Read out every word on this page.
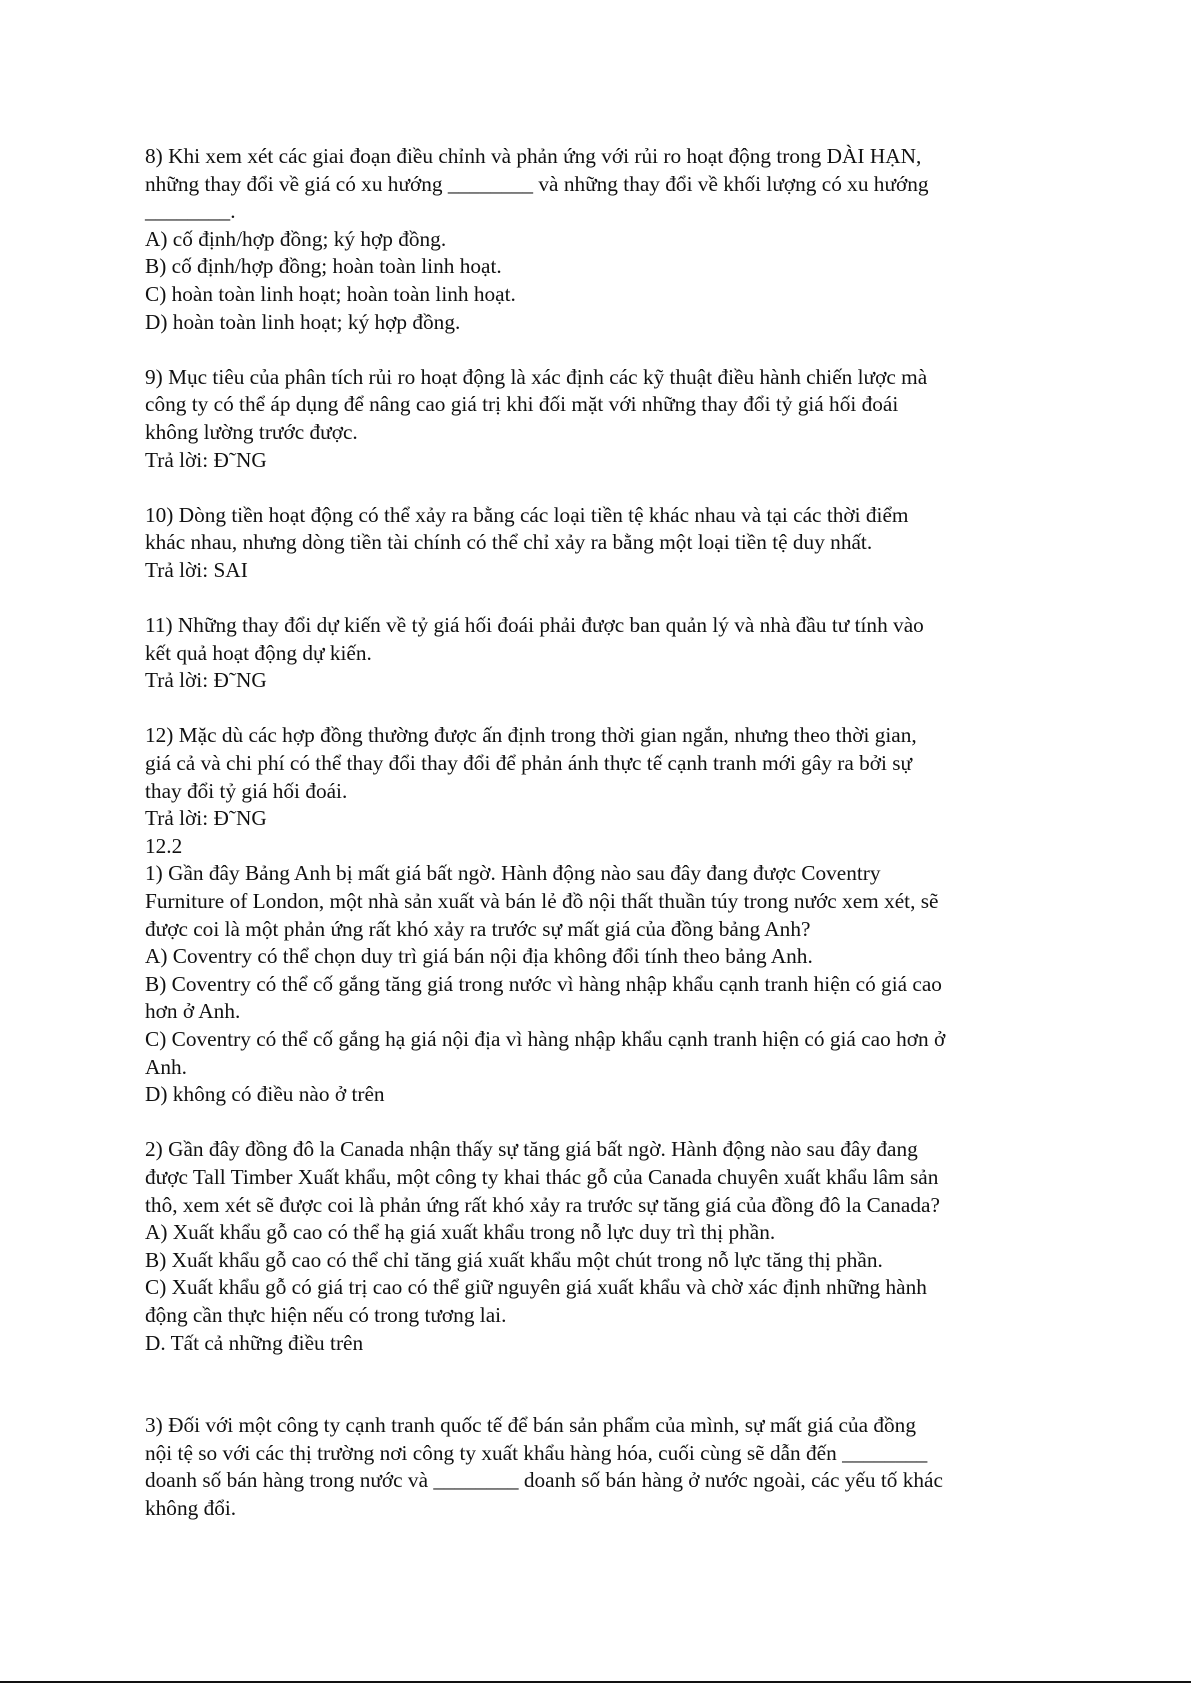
8) Khi xem xét các giai đoạn điều chỉnh và phản ứng với rủi ro hoạt động trong DÀI HẠN,
những thay đổi về giá có xu hướng ________ và những thay đổi về khối lượng có xu hướng
________.
A) cố định/hợp đồng; ký hợp đồng.
B) cố định/hợp đồng; hoàn toàn linh hoạt.
C) hoàn toàn linh hoạt; hoàn toàn linh hoạt.
D) hoàn toàn linh hoạt; ký hợp đồng.
9) Mục tiêu của phân tích rủi ro hoạt động là xác định các kỹ thuật điều hành chiến lược mà
công ty có thể áp dụng để nâng cao giá trị khi đối mặt với những thay đổi tỷ giá hối đoái
không lường trước được.
Trả lời: Đ˜NG
10) Dòng tiền hoạt động có thể xảy ra bằng các loại tiền tệ khác nhau và tại các thời điểm
khác nhau, nhưng dòng tiền tài chính có thể chỉ xảy ra bằng một loại tiền tệ duy nhất.
Trả lời: SAI
11) Những thay đổi dự kiến về tỷ giá hối đoái phải được ban quản lý và nhà đầu tư tính vào
kết quả hoạt động dự kiến.
Trả lời: Đ˜NG
12) Mặc dù các hợp đồng thường được ấn định trong thời gian ngắn, nhưng theo thời gian,
giá cả và chi phí có thể thay đổi thay đổi để phản ánh thực tế cạnh tranh mới gây ra bởi sự
thay đổi tỷ giá hối đoái.
Trả lời: Đ˜NG
12.2
1) Gần đây Bảng Anh bị mất giá bất ngờ. Hành động nào sau đây đang được Coventry
Furniture of London, một nhà sản xuất và bán lẻ đồ nội thất thuần túy trong nước xem xét, sẽ
được coi là một phản ứng rất khó xảy ra trước sự mất giá của đồng bảng Anh?
A) Coventry có thể chọn duy trì giá bán nội địa không đổi tính theo bảng Anh.
B) Coventry có thể cố gắng tăng giá trong nước vì hàng nhập khẩu cạnh tranh hiện có giá cao
hơn ở Anh.
C) Coventry có thể cố gắng hạ giá nội địa vì hàng nhập khẩu cạnh tranh hiện có giá cao hơn ở
Anh.
D) không có điều nào ở trên
2) Gần đây đồng đô la Canada nhận thấy sự tăng giá bất ngờ. Hành động nào sau đây đang
được Tall Timber Xuất khẩu, một công ty khai thác gỗ của Canada chuyên xuất khẩu lâm sản
thô, xem xét sẽ được coi là phản ứng rất khó xảy ra trước sự tăng giá của đồng đô la Canada?
A) Xuất khẩu gỗ cao có thể hạ giá xuất khẩu trong nỗ lực duy trì thị phần.
B) Xuất khẩu gỗ cao có thể chỉ tăng giá xuất khẩu một chút trong nỗ lực tăng thị phần.
C) Xuất khẩu gỗ có giá trị cao có thể giữ nguyên giá xuất khẩu và chờ xác định những hành
động cần thực hiện nếu có trong tương lai.
D. Tất cả những điều trên
3) Đối với một công ty cạnh tranh quốc tế để bán sản phẩm của mình, sự mất giá của đồng
nội tệ so với các thị trường nơi công ty xuất khẩu hàng hóa, cuối cùng sẽ dẫn đến ________
doanh số bán hàng trong nước và ________ doanh số bán hàng ở nước ngoài, các yếu tố khác
không đổi.
